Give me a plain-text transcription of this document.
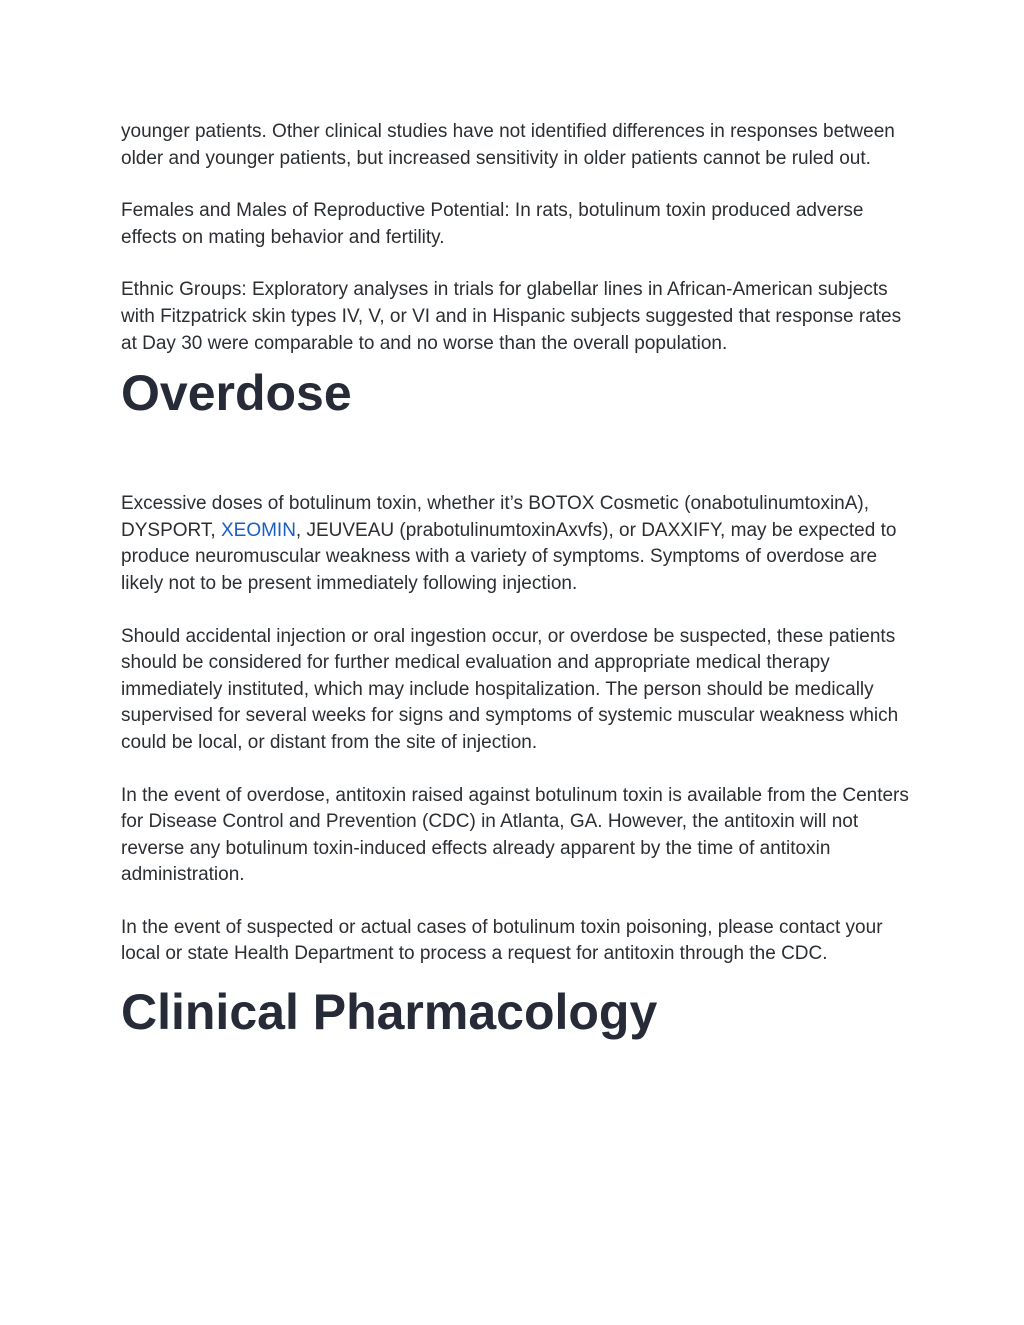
younger patients. Other clinical studies have not identified differences in responses between older and younger patients, but increased sensitivity in older patients cannot be ruled out.

Females and Males of Reproductive Potential: In rats, botulinum toxin produced adverse effects on mating behavior and fertility.

Ethnic Groups: Exploratory analyses in trials for glabellar lines in African-American subjects with Fitzpatrick skin types IV, V, or VI and in Hispanic subjects suggested that response rates at Day 30 were comparable to and no worse than the overall population.

Overdose

Excessive doses of botulinum toxin, whether it’s BOTOX Cosmetic (onabotulinumtoxinA), DYSPORT, XEOMIN, JEUVEAU (prabotulinumtoxinAxvfs), or DAXXIFY, may be expected to produce neuromuscular weakness with a variety of symptoms. Symptoms of overdose are likely not to be present immediately following injection.

Should accidental injection or oral ingestion occur, or overdose be suspected, these patients should be considered for further medical evaluation and appropriate medical therapy immediately instituted, which may include hospitalization. The person should be medically supervised for several weeks for signs and symptoms of systemic muscular weakness which could be local, or distant from the site of injection.

In the event of overdose, antitoxin raised against botulinum toxin is available from the Centers for Disease Control and Prevention (CDC) in Atlanta, GA. However, the antitoxin will not reverse any botulinum toxin-induced effects already apparent by the time of antitoxin administration.

In the event of suspected or actual cases of botulinum toxin poisoning, please contact your local or state Health Department to process a request for antitoxin through the CDC.

Clinical Pharmacology
